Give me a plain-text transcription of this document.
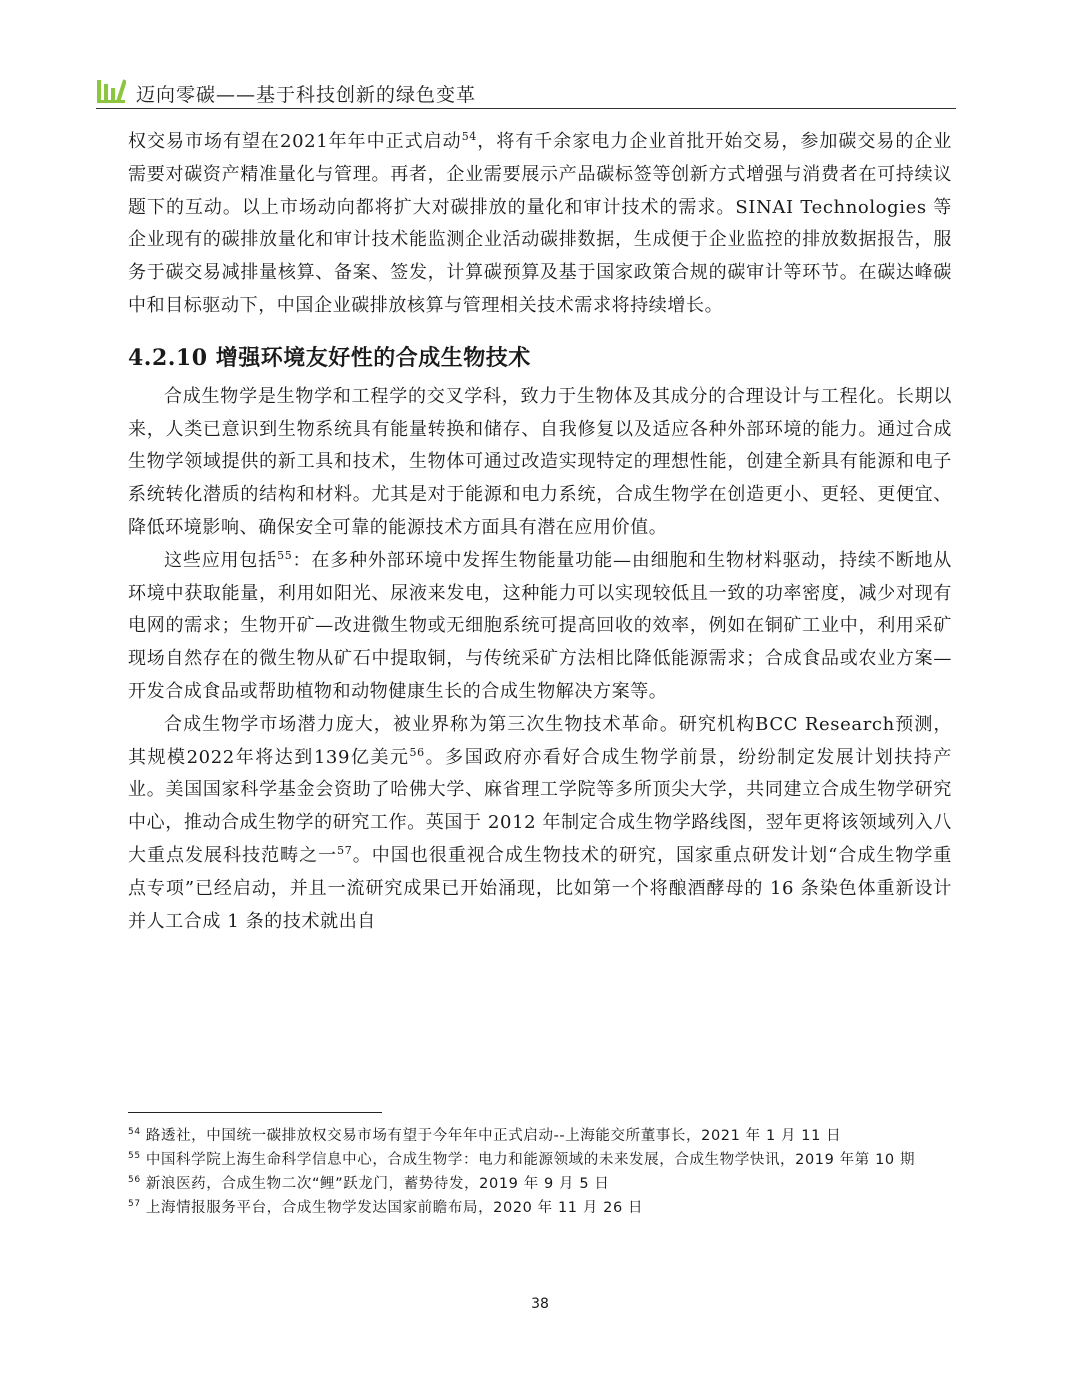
迈向零碳——基于科技创新的绿色变革

权交易市场有望在2021年年中正式启动$^{54}$，将有千余家电力企业首批开始交易，参加碳交易的企业需要对碳资产精准量化与管理。再者，企业需要展示产品碳标签等创新方式增强与消费者在可持续议题下的互动。以上市场动向都将扩大对碳排放的量化和审计技术的需求。SINAI Technologies 等企业现有的碳排放量化和审计技术能监测企业活动碳排数据，生成便于企业监控的排放数据报告，服务于碳交易减排量核算、备案、签发，计算碳预算及基于国家政策合规的碳审计等环节。在碳达峰碳中和目标驱动下，中国企业碳排放核算与管理相关技术需求将持续增长。

4.2.10 增强环境友好性的合成生物技术

合成生物学是生物学和工程学的交叉学科，致力于生物体及其成分的合理设计与工程化。长期以来，人类已意识到生物系统具有能量转换和储存、自我修复以及适应各种外部环境的能力。通过合成生物学领域提供的新工具和技术，生物体可通过改造实现特定的理想性能，创建全新具有能源和电子系统转化潜质的结构和材料。尤其是对于能源和电力系统，合成生物学在创造更小、更轻、更便宜、降低环境影响、确保安全可靠的能源技术方面具有潜在应用价值。

这些应用包括$^{55}$：在多种外部环境中发挥生物能量功能—由细胞和生物材料驱动，持续不断地从环境中获取能量，利用如阳光、尿液来发电，这种能力可以实现较低且一致的功率密度，减少对现有电网的需求；生物开矿—改进微生物或无细胞系统可提高回收的效率，例如在铜矿工业中，利用采矿现场自然存在的微生物从矿石中提取铜，与传统采矿方法相比降低能源需求；合成食品或农业方案—开发合成食品或帮助植物和动物健康生长的合成生物解决方案等。

合成生物学市场潜力庞大，被业界称为第三次生物技术革命。研究机构BCC Research预测，其规模2022年将达到139亿美元$^{56}$。多国政府亦看好合成生物学前景，纷纷制定发展计划扶持产业。美国国家科学基金会资助了哈佛大学、麻省理工学院等多所顶尖大学，共同建立合成生物学研究中心，推动合成生物学的研究工作。英国于 2012 年制定合成生物学路线图，翌年更将该领域列入八大重点发展科技范畴之一$^{57}$。中国也很重视合成生物技术的研究，国家重点研发计划“合成生物学重点专项”已经启动，并且一流研究成果已开始涌现，比如第一个将酿酒酵母的 16 条染色体重新设计并人工合成 1 条的技术就出自

$^{54}$ 路透社，中国统一碳排放权交易市场有望于今年年中正式启动--上海能交所董事长，2021 年 1 月 11 日

$^{55}$ 中国科学院上海生命科学信息中心，合成生物学：电力和能源领域的未来发展，合成生物学快讯，2019 年第 10 期

$^{56}$ 新浪医药，合成生物二次“鲤”跃龙门，蓄势待发，2019 年 9 月 5 日

$^{57}$ 上海情报服务平台，合成生物学发达国家前瞻布局，2020 年 11 月 26 日

38
